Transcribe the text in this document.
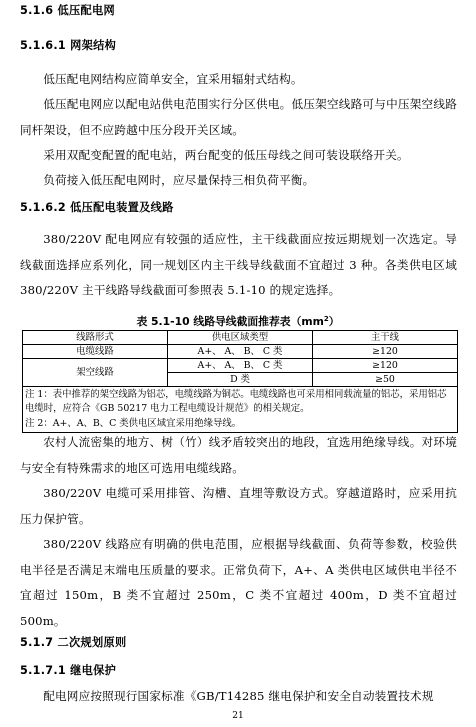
5.1.6 低压配电网
5.1.6.1 网架结构
低压配电网结构应简单安全，宜采用辐射式结构。
低压配电网应以配电站供电范围实行分区供电。低压架空线路可与中压架空线路同杆架设，但不应跨越中压分段开关区域。
采用双配变配置的配电站，两台配变的低压母线之间可装设联络开关。
负荷接入低压配电网时，应尽量保持三相负荷平衡。
5.1.6.2 低压配电装置及线路
380/220V 配电网应有较强的适应性，主干线截面应按远期规划一次选定。导线截面选择应系列化，同一规划区内主干线导线截面不宜超过 3 种。各类供电区域 380/220V 主干线路导线截面可参照表 5.1-10 的规定选择。
表 5.1-10 线路导线截面推荐表$(mm^2)$
线路形式	供电区域类型	主干线
电缆线路	A+、 A、 B、 C 类	≥120
架空线路	A+、 A、 B、 C 类	≥120
	D 类	≥50
注 1：表中推荐的架空线路为铝芯，电缆线路为铜芯。电缆线路也可采用相同载流量的铝芯，采用铝芯电缆时，应符合《GB 50217 电力工程电缆设计规范》的相关规定。		
注 2：A+、A、B、C 类供电区域宜采用绝缘导线。		
农村人流密集的地方、树（竹）线矛盾较突出的地段，宜选用绝缘导线。对环境与安全有特殊需求的地区可选用电缆线路。
380/220V 电缆可采用排管、沟槽、直埋等敷设方式。穿越道路时，应采用抗压力保护管。
380/220V 线路应有明确的供电范围，应根据导线截面、负荷等参数，校验供电半径是否满足末端电压质量的要求。正常负荷下，A+、A 类供电区域供电半径不宜超过 150m，B 类不宜超过 250m，C 类不宜超过 400m，D 类不宜超过 500m。
5.1.7 二次规划原则
5.1.7.1 继电保护
配电网应按照现行国家标准《GB/T14285 继电保护和安全自动装置技术规
21
